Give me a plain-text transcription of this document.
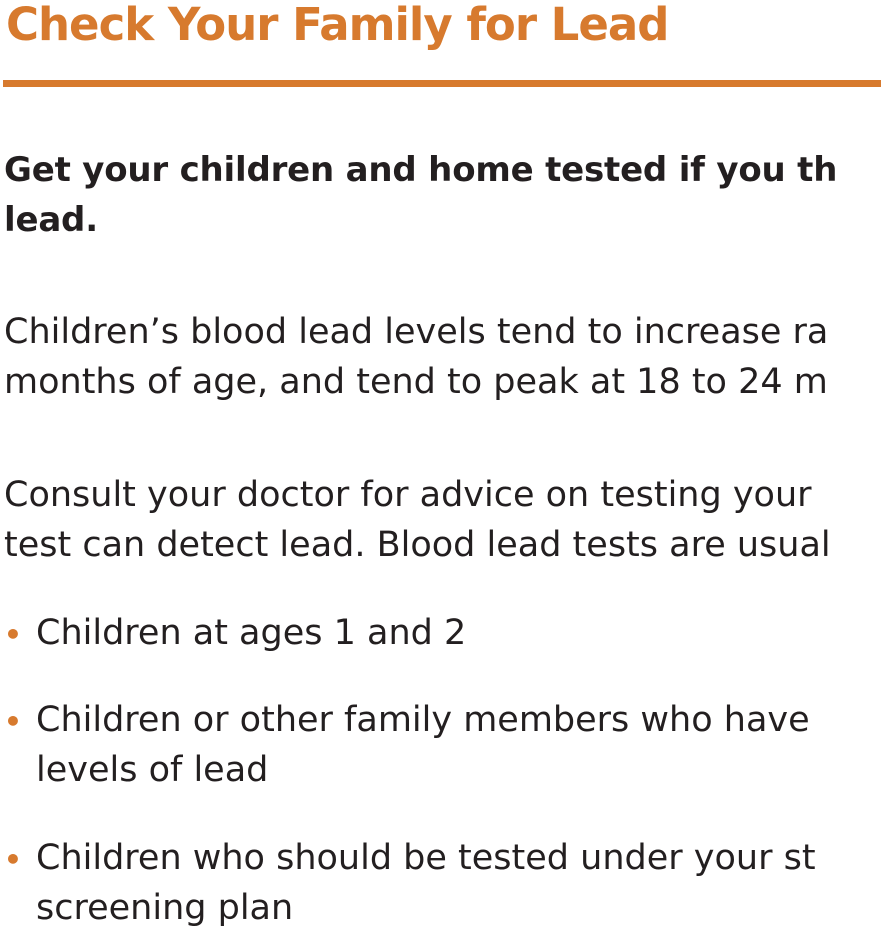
Check Your Family for Lead

Get your children and home tested if you th

lead.

Children’s blood lead levels tend to increase ra

months of age, and tend to peak at 18 to 24 m

Consult your doctor for advice on testing your

test can detect lead. Blood lead tests are usual

• Children at ages 1 and 2

• Children or other family members who have

levels of lead

• Children who should be tested under your st

screening plan
